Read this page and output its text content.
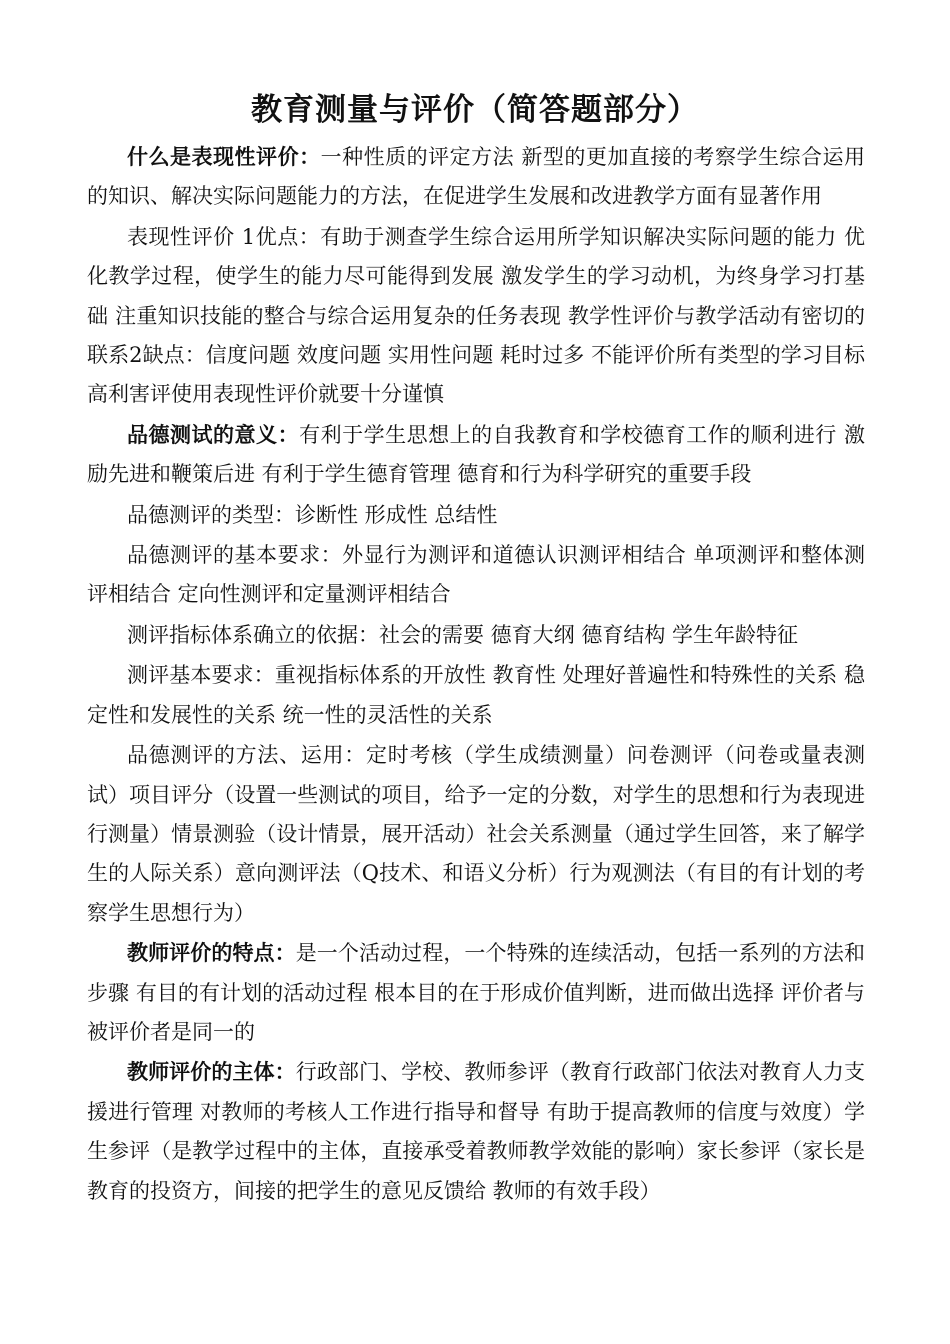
教育测量与评价（简答题部分）

什么是表现性评价：一种性质的评定方法 新型的更加直接的考察学生综合运用的知识、解决实际问题能力的方法，在促进学生发展和改进教学方面有显著作用

表现性评价 1优点：有助于测查学生综合运用所学知识解决实际问题的能力 优化教学过程，使学生的能力尽可能得到发展 激发学生的学习动机，为终身学习打基础 注重知识技能的整合与综合运用复杂的任务表现 教学性评价与教学活动有密切的联系2缺点：信度问题 效度问题 实用性问题 耗时过多 不能评价所有类型的学习目标 高利害评使用表现性评价就要十分谨慎

品德测试的意义：有利于学生思想上的自我教育和学校德育工作的顺利进行 激励先进和鞭策后进 有利于学生德育管理 德育和行为科学研究的重要手段

品德测评的类型：诊断性 形成性 总结性

品德测评的基本要求：外显行为测评和道德认识测评相结合 单项测评和整体测评相结合 定向性测评和定量测评相结合

测评指标体系确立的依据：社会的需要 德育大纲 德育结构 学生年龄特征

测评基本要求：重视指标体系的开放性 教育性 处理好普遍性和特殊性的关系 稳定性和发展性的关系 统一性的灵活性的关系

品德测评的方法、运用：定时考核（学生成绩测量）问卷测评（问卷或量表测试）项目评分（设置一些测试的项目，给予一定的分数，对学生的思想和行为表现进行测量）情景测验（设计情景，展开活动）社会关系测量（通过学生回答，来了解学生的人际关系）意向测评法（Q技术、和语义分析）行为观测法（有目的有计划的考察学生思想行为）

教师评价的特点：是一个活动过程，一个特殊的连续活动，包括一系列的方法和步骤 有目的有计划的活动过程 根本目的在于形成价值判断，进而做出选择 评价者与被评价者是同一的

教师评价的主体：行政部门、学校、教师参评（教育行政部门依法对教育人力支援进行管理 对教师的考核人工作进行指导和督导 有助于提高教师的信度与效度）学生参评（是教学过程中的主体，直接承受着教师教学效能的影响）家长参评（家长是教育的投资方，间接的把学生的意见反馈给 教师的有效手段）
